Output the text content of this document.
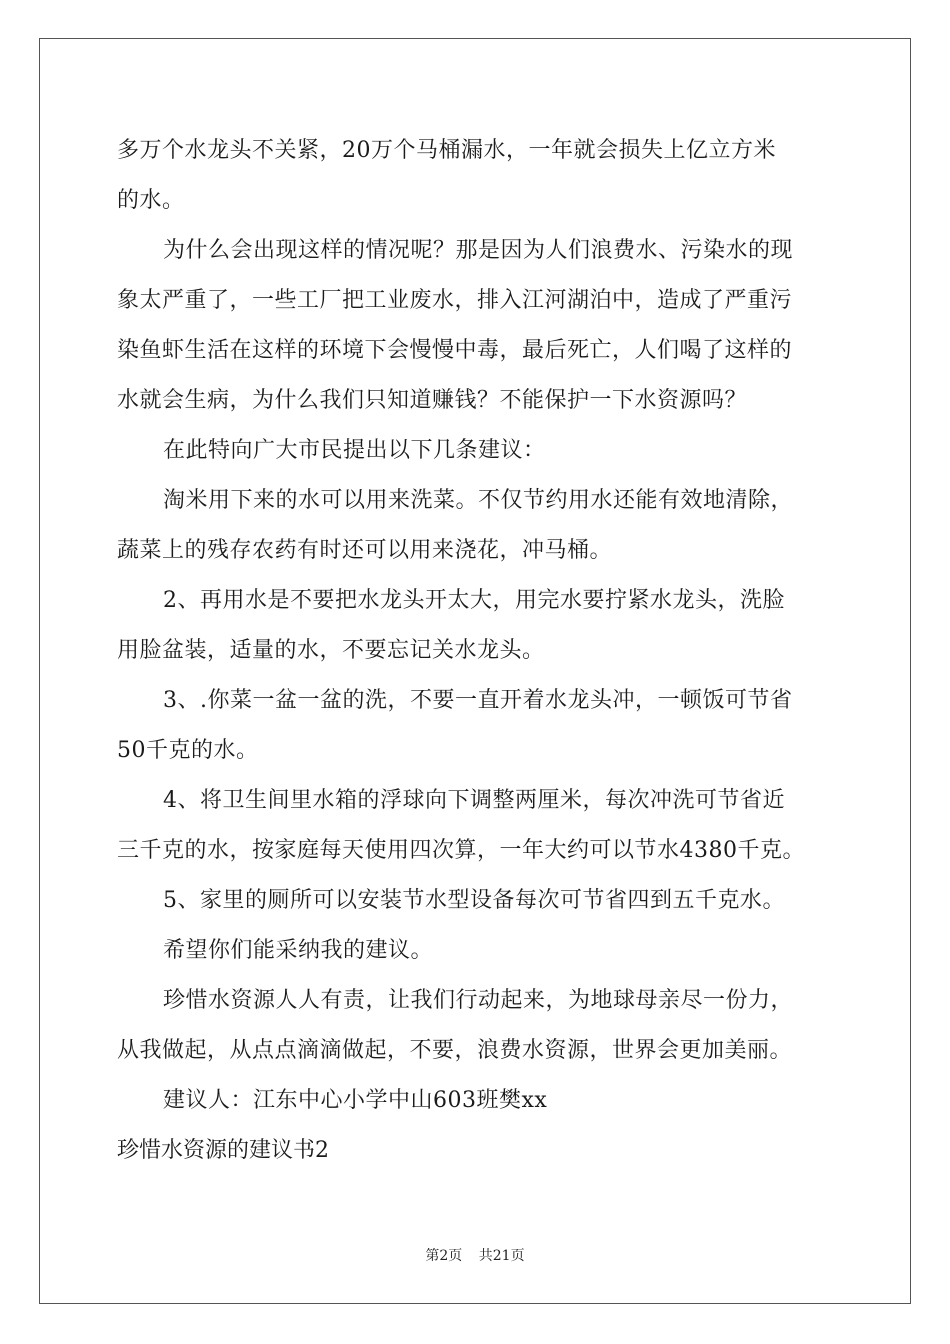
多万个水龙头不关紧，20万个马桶漏水，一年就会损失上亿立方米
的水。
为什么会出现这样的情况呢？那是因为人们浪费水、污染水的现
象太严重了，一些工厂把工业废水，排入江河湖泊中，造成了严重污
染鱼虾生活在这样的环境下会慢慢中毒，最后死亡，人们喝了这样的
水就会生病，为什么我们只知道赚钱？不能保护一下水资源吗？
在此特向广大市民提出以下几条建议：
淘米用下来的水可以用来洗菜。不仅节约用水还能有效地清除，
蔬菜上的残存农药有时还可以用来浇花，冲马桶。
2、再用水是不要把水龙头开太大，用完水要拧紧水龙头，洗脸
用脸盆装，适量的水，不要忘记关水龙头。
3、.你菜一盆一盆的洗，不要一直开着水龙头冲，一顿饭可节省
50千克的水。
4、将卫生间里水箱的浮球向下调整两厘米，每次冲洗可节省近
三千克的水，按家庭每天使用四次算，一年大约可以节水4380千克。
5、家里的厕所可以安装节水型设备每次可节省四到五千克水。
希望你们能采纳我的建议。
珍惜水资源人人有责，让我们行动起来，为地球母亲尽一份力，
从我做起，从点点滴滴做起，不要，浪费水资源，世界会更加美丽。
建议人：江东中心小学中山603班樊xx
珍惜水资源的建议书2
第2页 共21页
